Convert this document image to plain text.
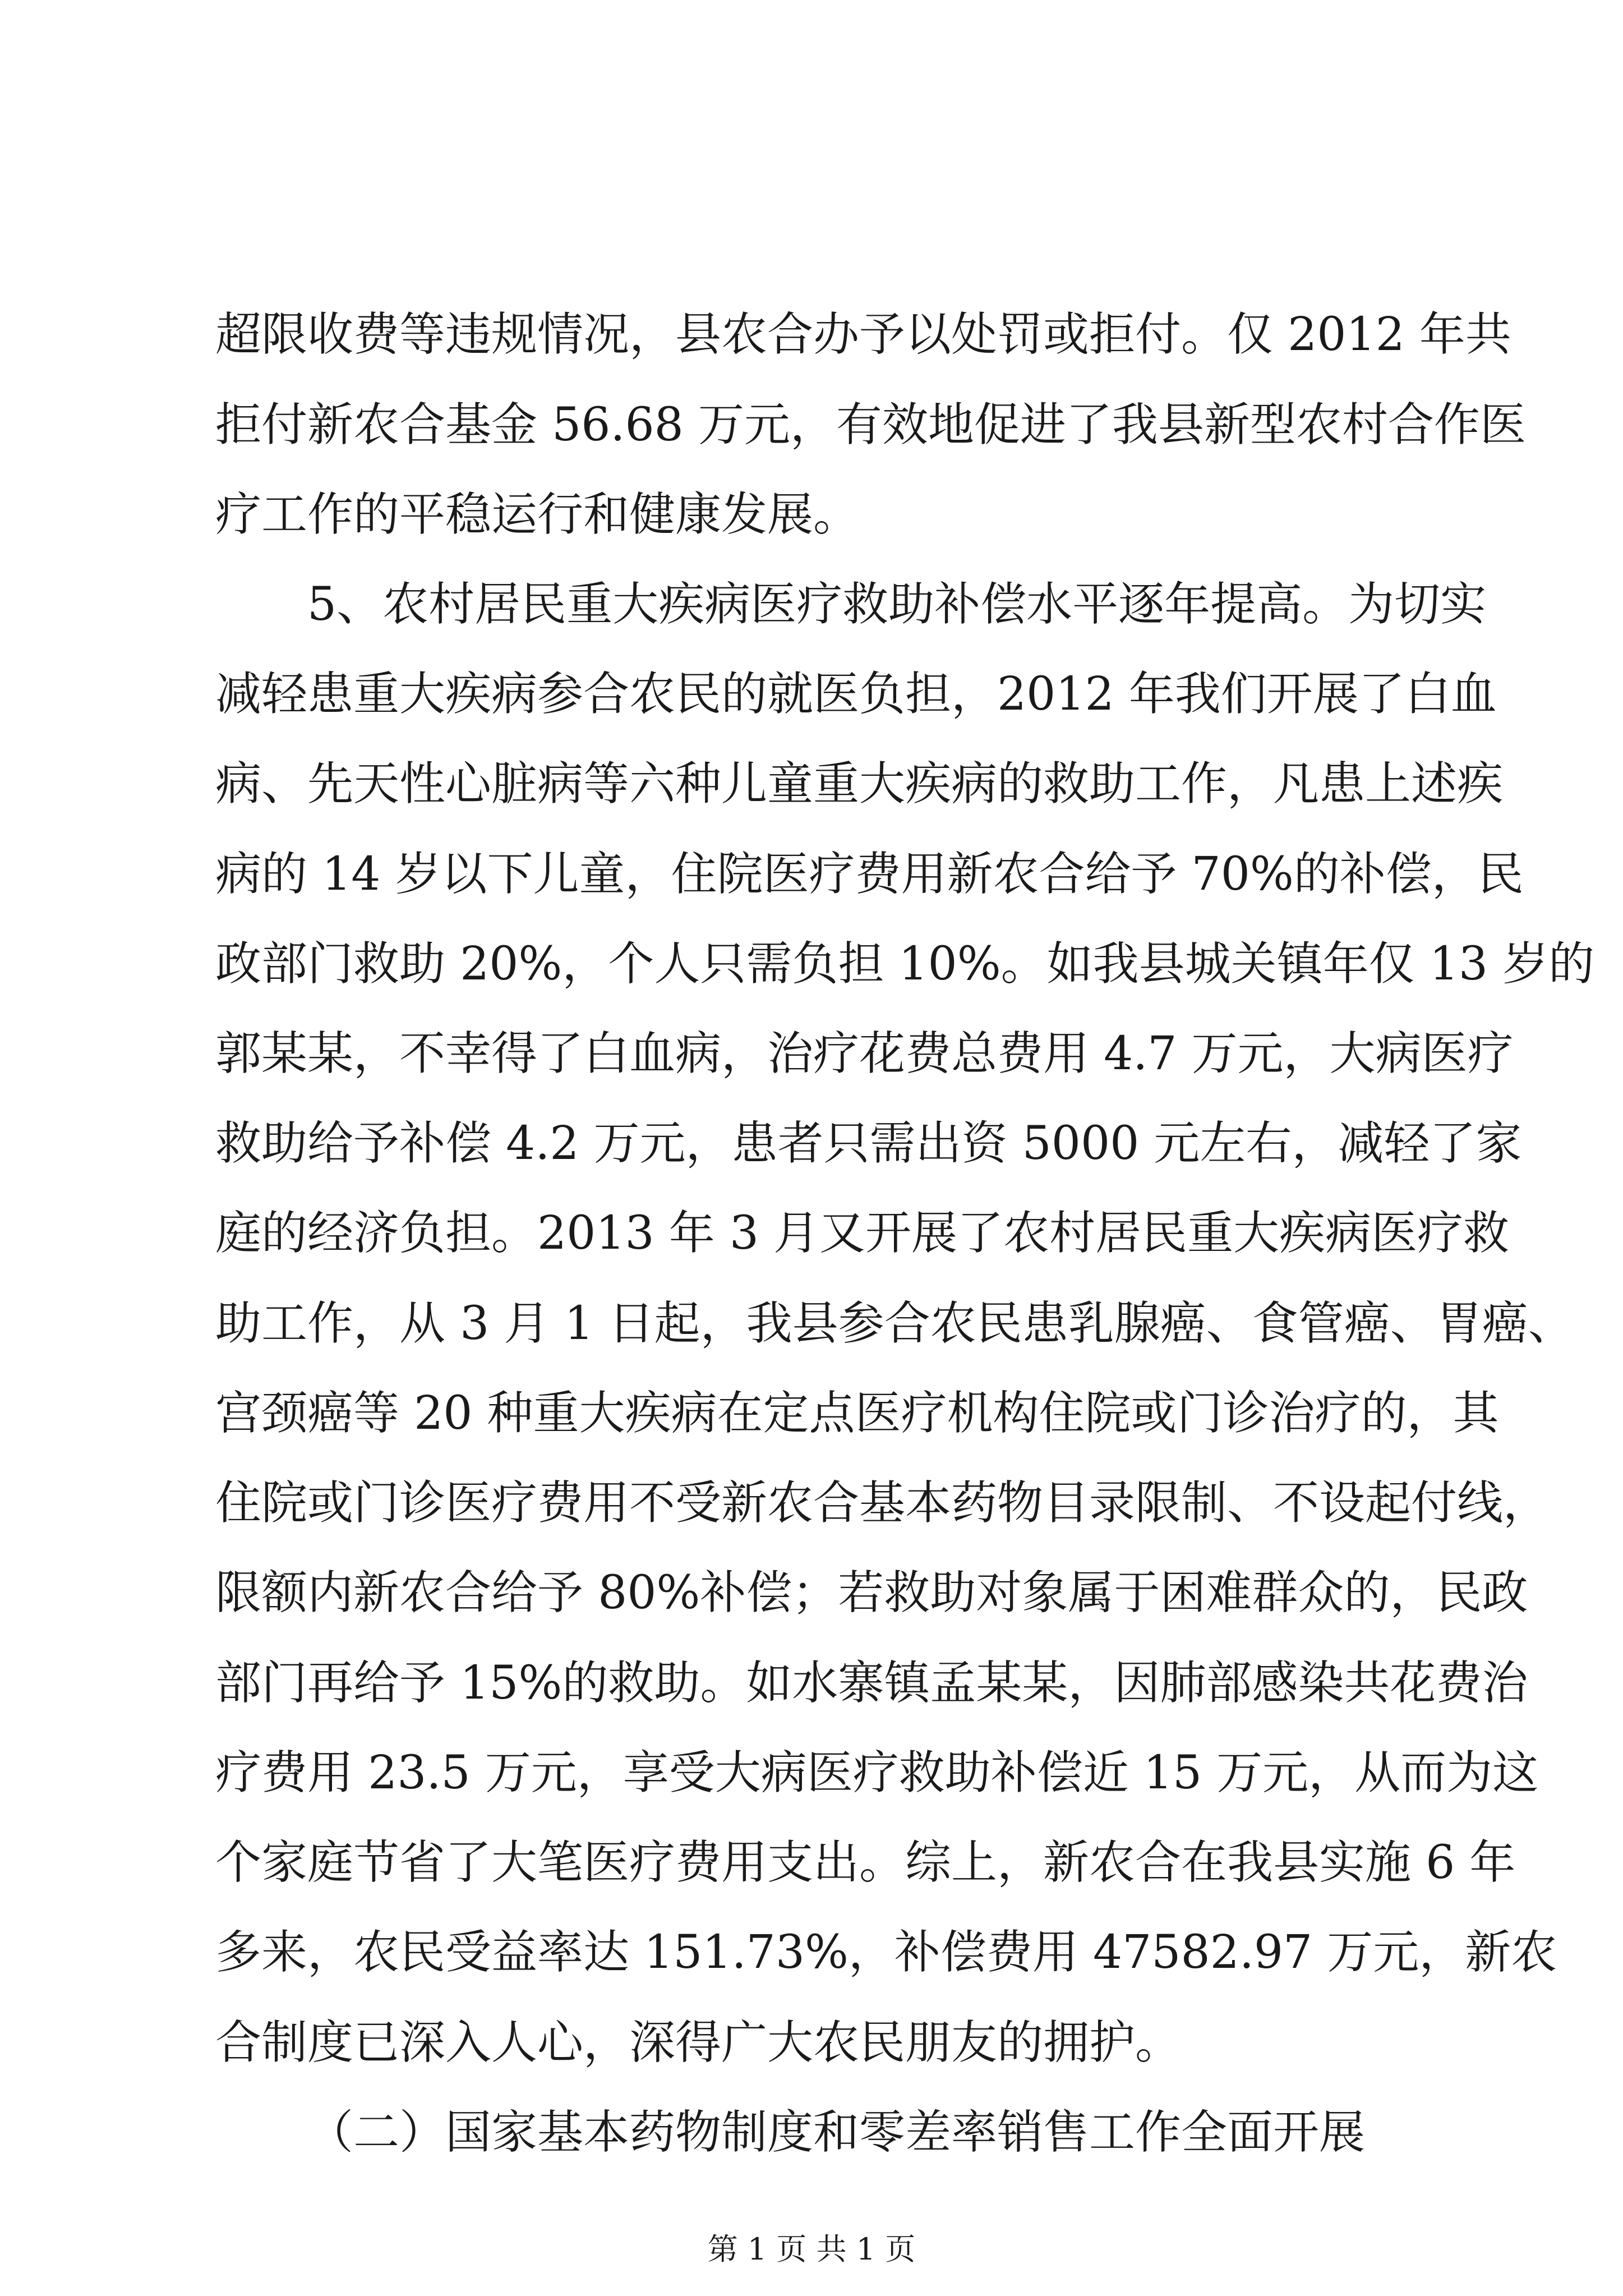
超限收费等违规情况，县农合办予以处罚或拒付。仅 2012 年共
拒付新农合基金 56.68 万元，有效地促进了我县新型农村合作医
疗工作的平稳运行和健康发展。
5、农村居民重大疾病医疗救助补偿水平逐年提高。为切实
减轻患重大疾病参合农民的就医负担，2012 年我们开展了白血
病、先天性心脏病等六种儿童重大疾病的救助工作，凡患上述疾
病的 14 岁以下儿童，住院医疗费用新农合给予 70%的补偿，民
政部门救助 20%，个人只需负担 10%。如我县城关镇年仅 13 岁的
郭某某，不幸得了白血病，治疗花费总费用 4.7 万元，大病医疗
救助给予补偿 4.2 万元，患者只需出资 5000 元左右，减轻了家
庭的经济负担。2013 年 3 月又开展了农村居民重大疾病医疗救
助工作，从 3 月 1 日起，我县参合农民患乳腺癌、食管癌、胃癌、
宫颈癌等 20 种重大疾病在定点医疗机构住院或门诊治疗的，其
住院或门诊医疗费用不受新农合基本药物目录限制、不设起付线，
限额内新农合给予 80%补偿；若救助对象属于困难群众的，民政
部门再给予 15%的救助。如水寨镇孟某某，因肺部感染共花费治
疗费用 23.5 万元，享受大病医疗救助补偿近 15 万元，从而为这
个家庭节省了大笔医疗费用支出。综上，新农合在我县实施 6 年
多来，农民受益率达 151.73%，补偿费用 47582.97 万元，新农
合制度已深入人心，深得广大农民朋友的拥护。
（二）国家基本药物制度和零差率销售工作全面开展
第 1 页 共 1 页
